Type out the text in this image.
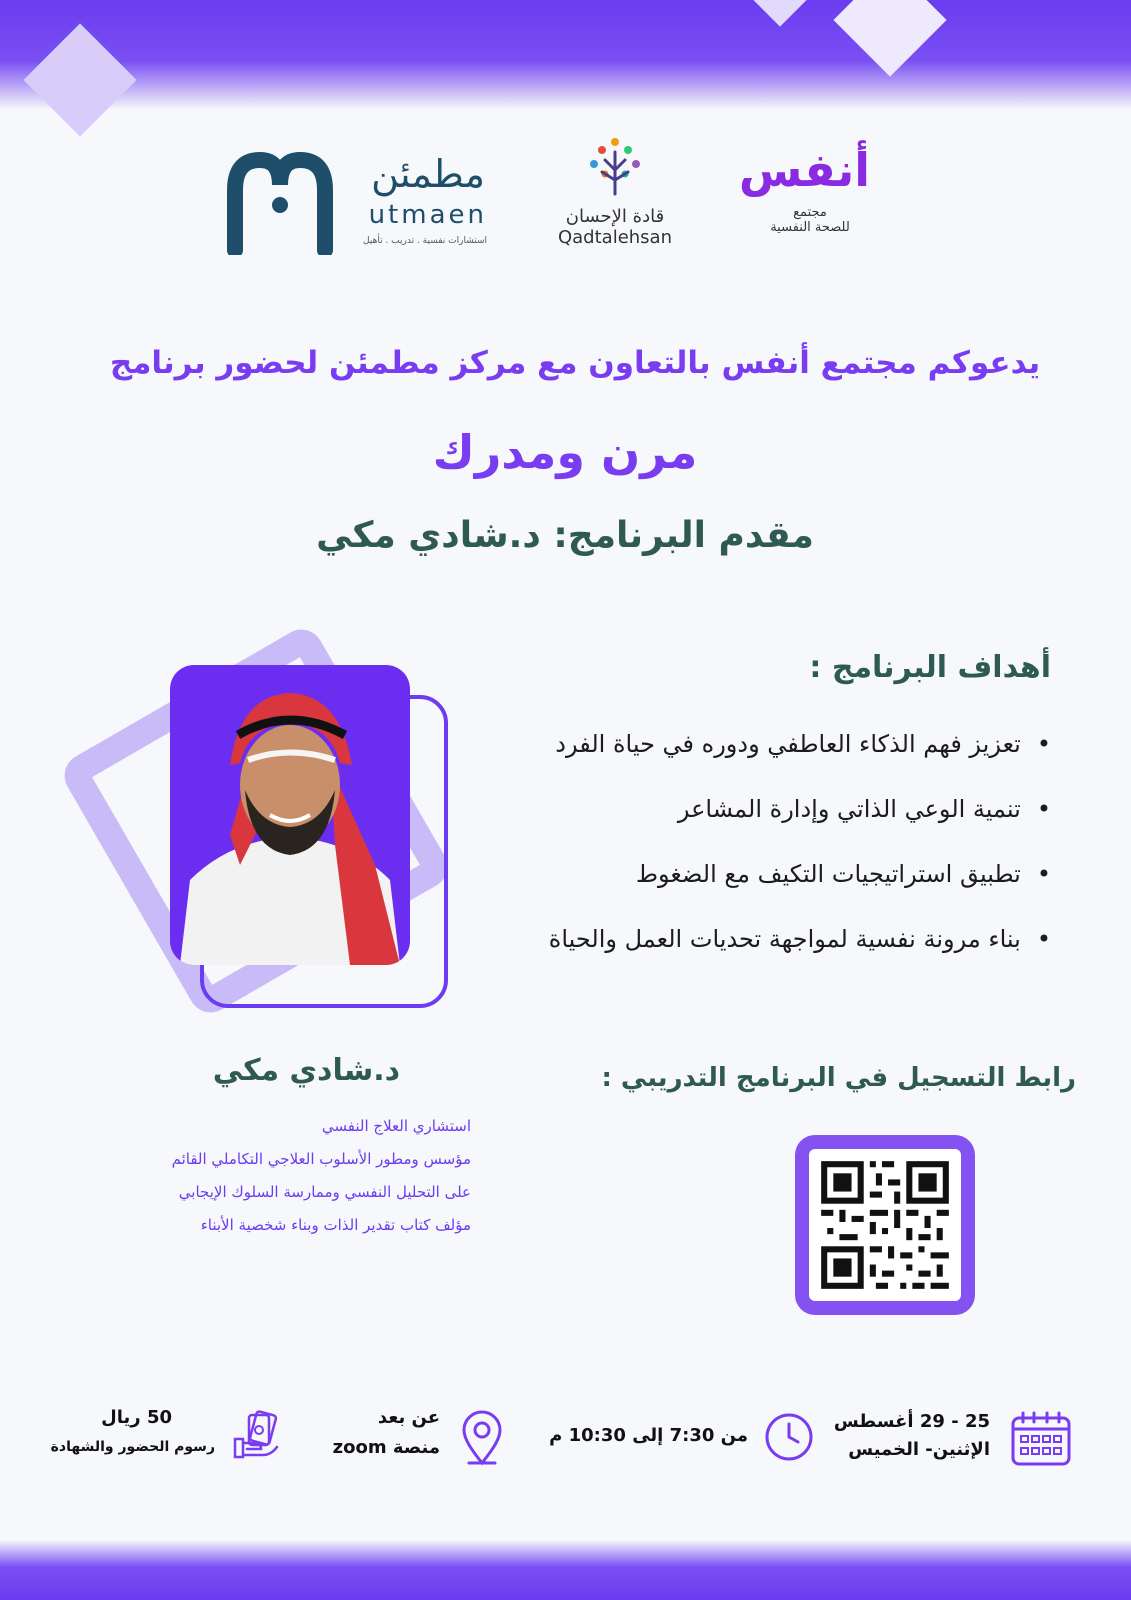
أنفس
مجتمع
للصحة النفسية
قادة الإحسان
Qadtalehsan
مطمئن
utmaen
استشارات نفسية . تدريب . تأهيل
يدعوكم مجتمع أنفس بالتعاون مع مركز مطمئن لحضور برنامج
مرن ومدرك
مقدم البرنامج: د.شادي مكي
أهداف البرنامج :
• تعزيز فهم الذكاء العاطفي ودوره في حياة الفرد
• تنمية الوعي الذاتي وإدارة المشاعر
• تطبيق استراتيجيات التكيف مع الضغوط
• بناء مرونة نفسية لمواجهة تحديات العمل والحياة
د.شادي مكي
استشاري العلاج النفسي
مؤسس ومطور الأسلوب العلاجي التكاملي القائم
على التحليل النفسي وممارسة السلوك الإيجابي
مؤلف كتاب تقدير الذات وبناء شخصية الأبناء
رابط التسجيل في البرنامج التدريبي :
25 - 29 أغسطس
الإثنين- الخميس
من 7:30 إلى 10:30 م
عن بعد
منصة zoom
50 ريال
رسوم الحضور والشهادة
